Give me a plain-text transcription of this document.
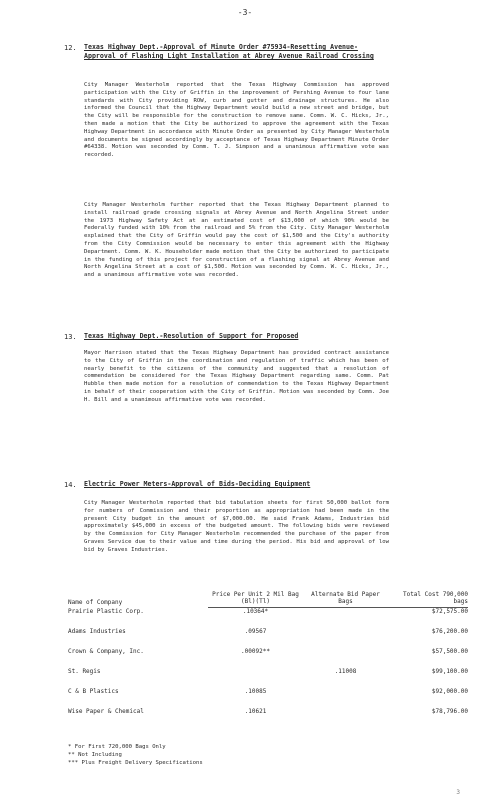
-3-
12. Texas Highway Dept.-Approval of Minute Order #75934-Resetting Avenue-Approval of Flashing Light Installation at Abrey Avenue Railroad Crossing

City Manager Westerholm reported that the Texas Highway Commission has approved participation with the City of Griffin in the improvement of Pershing Avenue to four lane standards with City providing ROW, curb and gutter and drainage structures. He also informed the Council that the Highway Department would build a new street and bridge, but the City will be responsible for the construction to remove same. Comm. W. C. Hicks, Jr., then made a motion that the City be authorized to approve the agreement with the Texas Highway Department in accordance with Minute Order as presented by City Manager Westerholm and documents be signed accordingly by acceptance of Texas Highway Department Minute Order #64338. Motion was seconded by Comm. T. J. Simpson and a unanimous affirmative vote was recorded.

City Manager Westerholm further reported that the Texas Highway Department planned to install railroad grade crossing signals at Abrey Avenue and North Angelina Street under the 1973 Highway Safety Act at an estimated cost of $13,000 of which 90% would be Federally funded with 10% from the railroad and 5% from the City. City Manager Westerholm explained that the City of Griffin would pay the cost of $1,500 and the City's authority from the City Commission would be necessary to enter this agreement with the Highway Department. Comm. W. K. Householder made motion that the City be authorized to participate in the funding of this project for construction of a flashing signal at Abrey Avenue and North Angelina Street at a cost of $1,500. Motion was seconded by Comm. W. C. Hicks, Jr., and a unanimous affirmative vote was recorded.

13. Texas Highway Dept.-Resolution of Support for Proposed

Mayor Harrison stated that the Texas Highway Department has provided contract assistance to the City of Griffin in the coordination and regulation of traffic which has been of nearly benefit to the citizens of the community and suggested that a resolution of commendation be considered for the Texas Highway Department regarding same. Comm. Pat Hubble then made motion for a resolution of commendation to the Texas Highway Department in behalf of their cooperation with the City of Griffin. Motion was seconded by Comm. Joe H. Bill and a unanimous affirmative vote was recorded.

14. Electric Power Meters-Approval of Bids-Deciding Equipment

City Manager Westerholm reported that bid tabulation sheets for first 50,000 ballot form for numbers of Commission and their proportion as appropriation had been made in the present City budget in the amount of $7,000.00. He said Frank Adams, Industries bid approximately $45,000 in excess of the budgeted amount. The following bids were reviewed by the Commission for City Manager Westerholm recommended the purchase of the paper from Graves Service due to their value and time during the period. His bid and approval of low bid by Graves Industries.

Name of Company	Price Per Unit 2 Mil Bag (Bl)(Tl)	Alternate Bid Paper Bags	Total Cost 790,000 bags
Prairie Plastic Corp.	.10364*		$72,575.00
Adams Industries	.09567		$76,200.00
Crown & Company, Inc.	.00092**		$57,500.00
St. Regis		.11008	$99,100.00
C & B Plastics	.10085		$92,000.00
Wise Paper & Chemical	.10621		$78,796.00
* For First 720,000 Bags Only
** Not Including
*** Plus Freight Delivery Specifications
3
